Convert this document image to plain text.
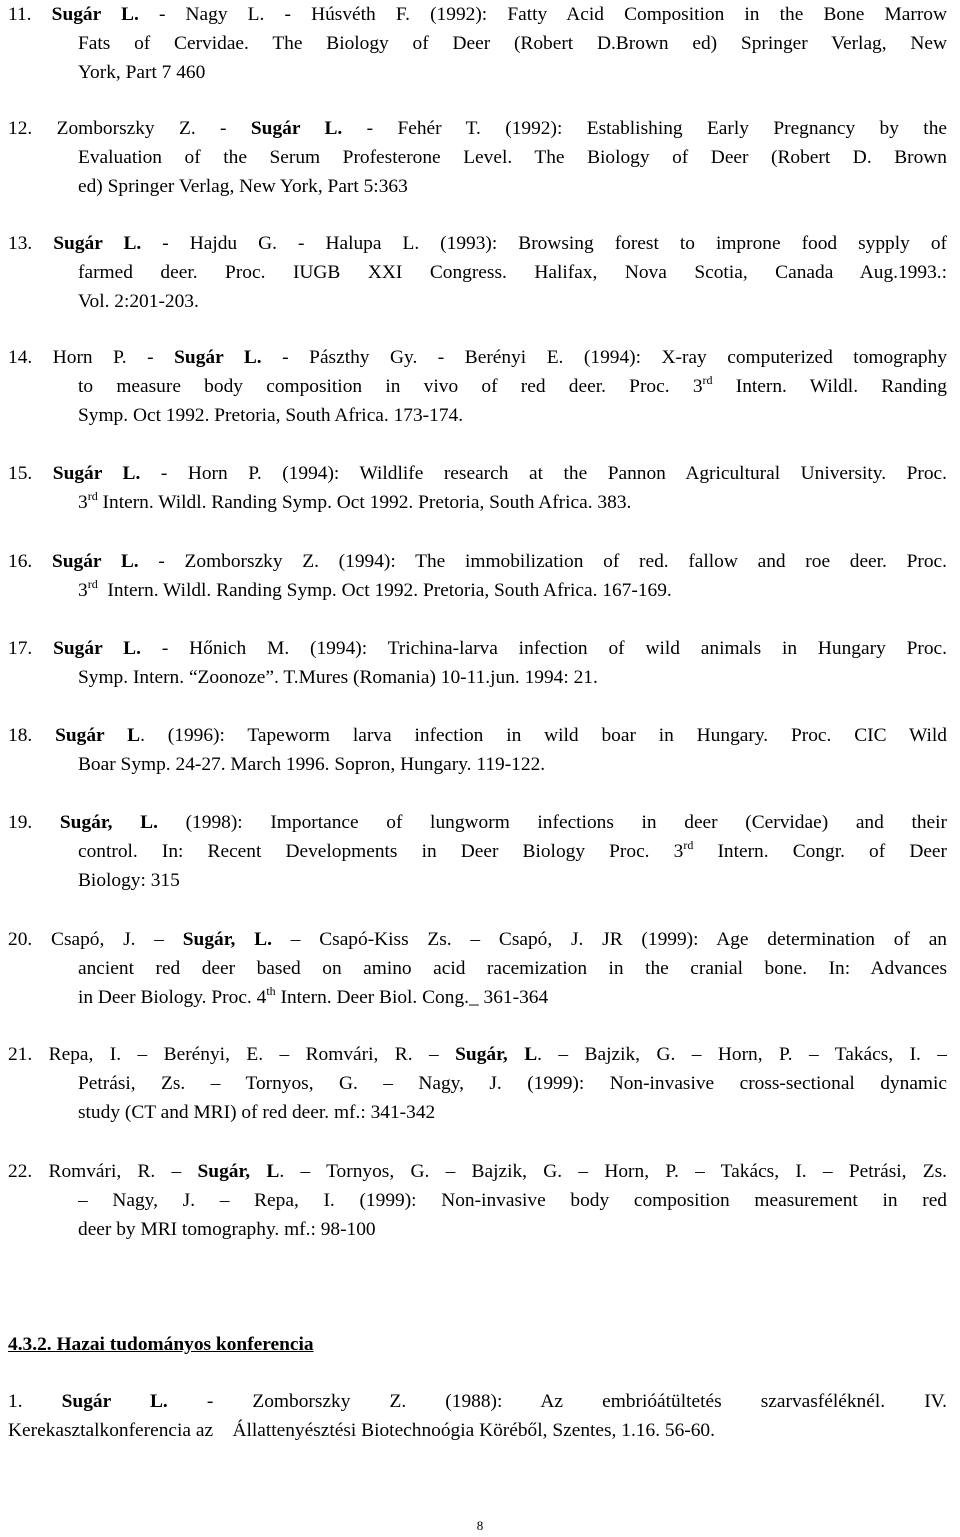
11. Sugár L. - Nagy L. - Húsvéth F. (1992): Fatty Acid Composition in the Bone Marrow
Fats of Cervidae. The Biology of Deer (Robert D.Brown ed) Springer Verlag, New
York, Part 7 460
12. Zomborszky Z. - Sugár L. - Fehér T. (1992): Establishing Early Pregnancy by the
Evaluation of the Serum Profesterone Level. The Biology of Deer (Robert D. Brown
ed) Springer Verlag, New York, Part 5:363
13. Sugár L. - Hajdu G. - Halupa L. (1993): Browsing forest to improne food sypply of
farmed deer. Proc. IUGB XXI Congress. Halifax, Nova Scotia, Canada Aug.1993.:
Vol. 2:201-203.
14. Horn P. - Sugár L. - Pászthy Gy. - Berényi E. (1994): X-ray computerized tomography
to measure body composition in vivo of red deer. Proc. 3rd Intern. Wildl. Randing
Symp. Oct 1992. Pretoria, South Africa. 173-174.
15. Sugár L. - Horn P. (1994): Wildlife research at the Pannon Agricultural University. Proc.
3rd Intern. Wildl. Randing Symp. Oct 1992. Pretoria, South Africa. 383.
16. Sugár L. - Zomborszky Z. (1994): The immobilization of red. fallow and roe deer. Proc.
3rd  Intern. Wildl. Randing Symp. Oct 1992. Pretoria, South Africa. 167-169.
17. Sugár L. - Hőnich M. (1994): Trichina-larva infection of wild animals in Hungary Proc.
Symp. Intern. “Zoonoze”. T.Mures (Romania) 10-11.jun. 1994: 21.
18. Sugár L. (1996): Tapeworm larva infection in wild boar in Hungary. Proc. CIC Wild
Boar Symp. 24-27. March 1996. Sopron, Hungary. 119-122.
19. Sugár, L. (1998): Importance of lungworm infections in deer (Cervidae) and their
control. In: Recent Developments in Deer Biology Proc. 3rd Intern. Congr. of Deer
Biology: 315
20. Csapó, J. – Sugár, L. – Csapó-Kiss Zs. – Csapó, J. JR (1999): Age determination of an
ancient red deer based on amino acid racemization in the cranial bone. In: Advances
in Deer Biology. Proc. 4th Intern. Deer Biol. Cong._ 361-364
21. Repa, I. – Berényi, E. – Romvári, R. – Sugár, L. – Bajzik, G. – Horn, P. – Takács, I. –
Petrási, Zs. – Tornyos, G. – Nagy, J. (1999): Non-invasive cross-sectional dynamic
study (CT and MRI) of red deer. mf.: 341-342
22. Romvári, R. – Sugár, L. – Tornyos, G. – Bajzik, G. – Horn, P. – Takács, I. – Petrási, Zs.
– Nagy, J. – Repa, I. (1999): Non-invasive body composition measurement in red
deer by MRI tomography. mf.: 98-100
4.3.2. Hazai tudományos konferencia
1. Sugár L. - Zomborszky Z. (1988): Az embrióátültetés szarvasféléknél. IV.
Kerekasztalkonferencia az    Állattenyésztési Biotechnoógia Köréből, Szentes, 1.16. 56-60.
8
